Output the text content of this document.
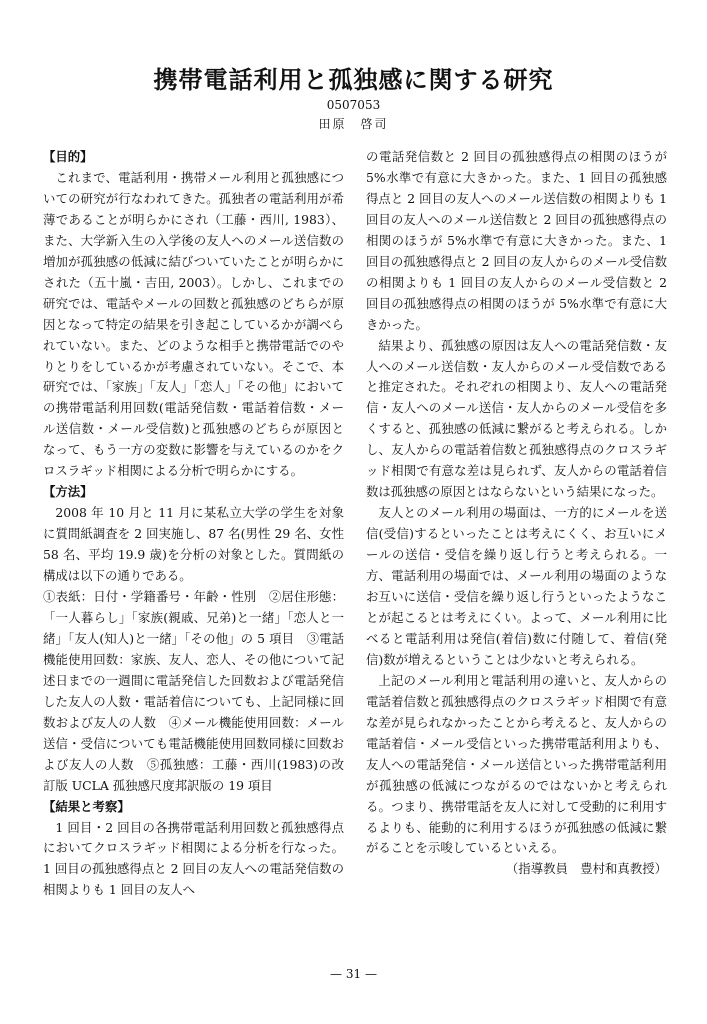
携帯電話利用と孤独感に関する研究
0507053
田原　啓司
【目的】

これまで、電話利用・携帯メール利用と孤独感についての研究が行なわれてきた。孤独者の電話利用が希薄であることが明らかにされ（工藤・西川, 1983）、また、大学新入生の入学後の友人へのメール送信数の増加が孤独感の低減に結びついていたことが明らかにされた（五十嵐・吉田, 2003）。しかし、これまでの研究では、電話やメールの回数と孤独感のどちらが原因となって特定の結果を引き起こしているかが調べられていない。また、どのような相手と携帯電話でのやりとりをしているかが考慮されていない。そこで、本研究では、「家族」「友人」「恋人」「その他」においての携帯電話利用回数(電話発信数・電話着信数・メール送信数・メール受信数)と孤独感のどちらが原因となって、もう一方の変数に影響を与えているのかをクロスラギッド相関による分析で明らかにする。

【方法】

2008 年 10 月と 11 月に某私立大学の学生を対象に質問紙調査を 2 回実施し、87 名(男性 29 名、女性 58 名、平均 19.9 歳)を分析の対象とした。質問紙の構成は以下の通りである。

①表紙：日付・学籍番号・年齢・性別　②居住形態：「一人暮らし」「家族(親戚、兄弟)と一緒」「恋人と一緒」「友人(知人)と一緒」「その他」の 5 項目　③電話機能使用回数：家族、友人、恋人、その他について記述日までの一週間に電話発信した回数および電話発信した友人の人数・電話着信についても、上記同様に回数および友人の人数　④メール機能使用回数：メール送信・受信についても電話機能使用回数同様に回数および友人の人数　⑤孤独感：工藤・西川(1983)の改訂版 UCLA 孤独感尺度邦訳版の 19 項目

【結果と考察】

1 回目・2 回目の各携帯電話利用回数と孤独感得点においてクロスラギッド相関による分析を行なった。1 回目の孤独感得点と 2 回目の友人への電話発信数の相関よりも 1 回目の友人へ

の電話発信数と 2 回目の孤独感得点の相関のほうが 5%水準で有意に大きかった。また、1 回目の孤独感得点と 2 回目の友人へのメール送信数の相関よりも 1 回目の友人へのメール送信数と 2 回目の孤独感得点の相関のほうが 5%水準で有意に大きかった。また、1 回目の孤独感得点と 2 回目の友人からのメール受信数の相関よりも 1 回目の友人からのメール受信数と 2 回目の孤独感得点の相関のほうが 5%水準で有意に大きかった。

結果より、孤独感の原因は友人への電話発信数・友人へのメール送信数・友人からのメール受信数であると推定された。それぞれの相関より、友人への電話発信・友人へのメール送信・友人からのメール受信を多くすると、孤独感の低減に繋がると考えられる。しかし、友人からの電話着信数と孤独感得点のクロスラギッド相関で有意な差は見られず、友人からの電話着信数は孤独感の原因とはならないという結果になった。

友人とのメール利用の場面は、一方的にメールを送信(受信)するといったことは考えにくく、お互いにメールの送信・受信を繰り返し行うと考えられる。一方、電話利用の場面では、メール利用の場面のようなお互いに送信・受信を繰り返し行うといったようなことが起こるとは考えにくい。よって、メール利用に比べると電話利用は発信(着信)数に付随して、着信(発信)数が増えるということは少ないと考えられる。

上記のメール利用と電話利用の違いと、友人からの電話着信数と孤独感得点のクロスラギッド相関で有意な差が見られなかったことから考えると、友人からの電話着信・メール受信といった携帯電話利用よりも、友人への電話発信・メール送信といった携帯電話利用が孤独感の低減につながるのではないかと考えられる。つまり、携帯電話を友人に対して受動的に利用するよりも、能動的に利用するほうが孤独感の低減に繋がることを示唆しているといえる。

（指導教員　豊村和真教授）
— 31 —
